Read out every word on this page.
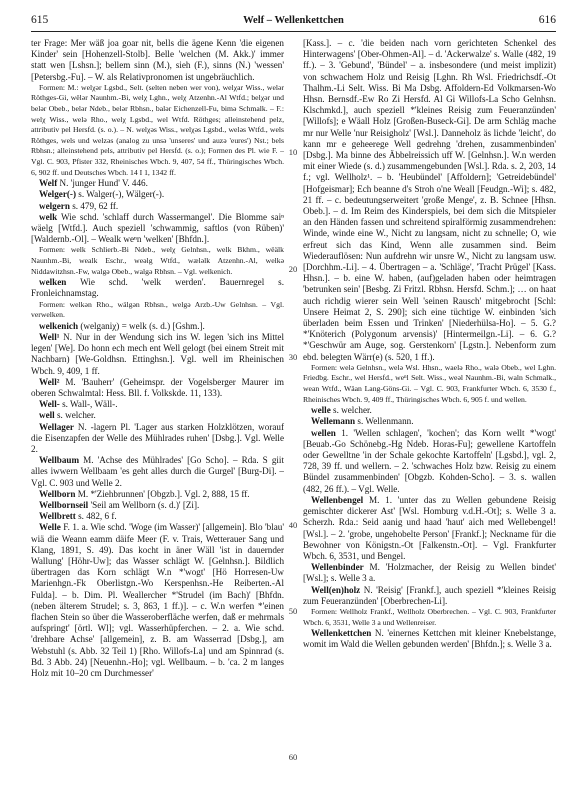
615	Welf – Wellenkettchen	616

ter Frage: Mer wäß joa goar nit, bells die ägene Kenn 'die eigenen Kinder' sein [Hohenzell-Stolb]. Belle 'welchen (M. Akk.)' immer statt wen [Lshsn.]; bellem sinn (M.), sieh (F.), sinns (N.) 'wessen' [Petersbg.-Fu]. – W. als Relativpronomen ist ungebräuchlich.

Formen: M.: welχər Lgsbd., Selt. (selten neben wer von), welχar Wiss., welər Röthges-Gi, wëlər Naunhm.-Bi, welχ Lghn., welχ Atzenhn.-Al Wtfd.; belχər und belər Obeb., belər Ndeb., belər Rbhsn., balər Eichenzell-Fu, bimə Schmalk. – F.: welχ Wiss., welə Rho., welχ Lgsbd., wel Wtfd. Röthges; alleinstehend pelz, attributiv pel Hersfd. (s. o.). – N. welχəs Wiss., welχəs Lgsbd., weləs Wtfd., wels Röthges, wels und welzəs (analog zu unsə 'unseres' und auzə 'eures') Nst.; bels Rbhsn.; alleinstehend pels, attributiv pel Hersfd. (s. o.); Formen des Pl. wie F. – Vgl. C. 903, Pfister 332, Rheinisches Wbch. 9, 407, 54 ff., Thüringisches Wbch. 6, 902 ff. und Deutsches Wbch. 14 I 1, 1342 ff.

Welf N. 'junger Hund' V. 446.

Welger(-) s. Walger(-), Wälger(-).

welgern s. 479, 62 ff.

welk Wie schd. 'schlaff durch Wassermangel'. Die Blomme saiⁿ wäelg [Wtfd.]. Auch speziell 'schwammig, saftlos (von Rüben)' [Waldernb.-Ol]. – Wealk weⁿn 'welken' [Bhfdn.].

Formen: welk Schlierb.-Bi Ndeb., welχ Gelnhsn., welk Bkhm., wëälk Naunhm.-Bi, wealk Eschr., weəlg Wtfd., wæləlk Atzenhn.-Al, welkə Niddawitzhsn.-Fw, walgə Obeb., walgə Rbhsn. – Vgl. welkenich.

welken Wie schd. 'welk werden'. Bauernregel s. Fronleichnamstag.

Formen: welkən Rho., wälgən Rbhsn., welgə Arzb.-Uw Gelnhsn. – Vgl. verwelken.

welkenich (welganiχ) = welk (s. d.) [Gshm.].

Well¹ N. Nur in der Wendung sich ins W. legen 'sich ins Mittel legen' [We]. Do honn ech mech ent Well gelogt (bei einem Streit mit Nachbarn) [We-Goldhsn. Ettinghsn.]. Vgl. well im Rheinischen Wbch. 9, 409, 1 ff.

Well² M. 'Bauherr' (Geheimspr. der Vogelsberger Maurer im oberen Schwalmtal: Hess. Bll. f. Volkskde. 11, 133).

Well- s. Wall-, Wäll-.

well s. welcher.

Wellager N. -lagern Pl. 'Lager aus starken Holzklötzen, worauf die Eisenzapfen der Welle des Mühlrades ruhen' [Dsbg.]. Vgl. Welle 2.

Wellbaum M. 'Achse des Mühlrades' [Go Scho]. – Rda. S giit alles iwwern Wellbaam 'es geht alles durch die Gurgel' [Burg-Di]. – Vgl. C. 903 und Welle 2.

Wellborn M. *'Ziehbrunnen' [Obgzb.]. Vgl. 2, 888, 15 ff.

Wellbornseil 'Seil am Wellborn (s. d.)' [Zi].

Wellbrett s. 482, 6 f.

Welle F. 1. a. Wie schd. 'Woge (im Wasser)' [allgemein]. Blo 'blau' wiä die Weann eamm däife Meer (F. v. Trais, Wetterauer Sang und Klang, 1891, S. 49). Das kocht in äner Wäll 'ist in dauernder Wallung' [Höhr-Uw]; das Wasser schlägt W. [Gelnhsn.]. Bildlich übertragen das Korn schlägt W.n *'wogt' [Hö Horresen-Uw Marienhgn.-Fk Oberlistgn.-Wo Kerspenhsn.-He Reiberten.-Al Fulda]. – b. Dim. Pl. Weallercher *'Strudel (im Bach)' [Bhfdn. (neben älterem Strudel; s. 3, 863, 1 ff.)]. – c. W.n werfen *'einen flachen Stein so über die Wasseroberfläche werfen, daß er mehrmals aufspringt' [örtl. Wl]; vgl. Wasserhüpferchen. – 2. a. Wie schd. 'drehbare Achse' [allgemein], z. B. am Wasserrad [Dsbg.], am Webstuhl (s. Abb. 32 Teil 1) [Rho. Willofs-La] und am Spinnrad (s. Bd. 3 Abb. 24) [Neuenhn.-Ho]; vgl. Wellbaum. – b. 'ca. 2 m langes Holz mit 10–20 cm Durchmesser'

[Kass.]. – c. 'die beiden nach vorn gerichteten Schenkel des Hinterwagens' [Ober-Ohmen-Al]. – d. 'Ackerwalze' s. Walle (482, 19 ff.). – 3. 'Gebund', 'Bündel' – a. insbesondere (und meist implizit) von schwachem Holz und Reisig [Lghn. Rh Wsl. Friedrichsdf.-Ot Thalhm.-Li Selt. Wiss. Bi Ma Dsbg. Affoldern-Ed Volkmarsen-Wo Hhsn. Bernsdf.-Ew Ro Zi Hersfd. Al Gi Willofs-La Scho Gelnhsn. Klschmkd.], auch speziell *'kleines Reisig zum Feueranzünden' [Willofs]; e Wäall Holz [Großen-Buseck-Gi]. De arm Schläg mache mr nur Welle 'nur Reisigholz' [Wsl.]. Danneholz äs lichde 'leicht', do kann mr e geheerege Well gedrehng 'drehen, zusammenbinden' [Dsbg.]. Ma binne des Äbbelreissich uff W. [Gelnhsn.]. W.n werden mit einer Wiede (s. d.) zusammengebunden [Wsl.]. Rda. s. 2, 203, 14 f.; vgl. Wellholz¹. – b. 'Heubündel' [Affoldern]; 'Getreidebündel' [Hofgeismar]; Ech beanne d's Stroh o'ne Weall [Feudgn.-Wi]; s. 482, 21 ff. – c. bedeutungserweitert 'große Menge', z. B. Schnee [Hhsn. Obeb.]. – d. Im Reim des Kinderspiels, bei dem sich die Mitspieler an den Händen fassen und schreitend spiralförmig zusammendrehen: Winde, winde eine W., Nicht zu langsam, nicht zu schnelle; O, wie erfreut sich das Kind, Wenn alle zusammen sind. Beim Wiederauflösen: Nun aufdrehn wir unsre W., Nicht zu langsam usw. [Dorchhm.-Li]. – 4. Übertragen – a. 'Schläge', 'Tracht Prügel' [Kass. Hhsn.]. – b. eine W. haben, (auf)geladen haben oder heimtragen 'betrunken sein' [Besbg. Zi Fritzl. Rbhsn. Hersfd. Schm.]; … on haat auch richdig wierer sein Well 'seinen Rausch' mitgebrocht [Schl: Unsere Heimat 2, S. 290]; sich eine tüchtige W. einbinden 'sich überladen beim Essen und Trinken' [Niederhülsa-Ho]. – 5. G.? *'Knöterich (Polygonum arvensis)' [Hintermeilgn.-Li]. – 6. G.? *'Geschwür am Auge, sog. Gerstenkorn' [Lgstn.]. Nebenform zum ebd. belegten Wärr(e) (s. 520, 1 ff.).

Formen: welə Gelnhsn., welə Wsl. Hhsn., waelə Rho., walə Obeb., wel Lghn. Friedbg. Eschr., wel Hersfd., weⁿl Selt. Wiss., weəl Naunhm.-Bi, waln Schmalk., wean Wtfd., Wäan Lang-Göns-Gi. – Vgl. C. 903, Frankfurter Wbch. 6, 3530 f., Rheinisches Wbch. 9, 409 ff., Thüringisches Wbch. 6, 905 f. und wellen.

welle s. welcher.

Wellemann s. Wellenmann.

wellen 1. 'Wellen schlagen', 'kochen'; das Korn wellt *'wogt' [Beuab.-Go Schönebg.-Hg Ndeb. Horas-Fu]; gewellene Kartoffeln oder Gewelltne 'in der Schale gekochte Kartoffeln' [Lgsbd.], vgl. 2, 728, 39 ff. und wellern. – 2. 'schwaches Holz bzw. Reisig zu einem Bündel zusammenbinden' [Obgzb. Kohden-Scho]. – 3. s. wallen (482, 26 ff.). – Vgl. Welle.

Wellenbengel M. 1. 'unter das zu Wellen gebundene Reisig gemischter dickerer Ast' [Wsl. Homburg v.d.H.-Ot]; s. Welle 3 a. Scherzh. Rda.: Seid aanig und haad 'haut' aich med Wellebengel! [Wsl.]. – 2. 'grobe, ungehobelte Person' [Frankf.]; Neckname für die Bewohner von Königstn.-Ot [Falkenstn.-Ot]. – Vgl. Frankfurter Wbch. 6, 3531, und Bengel.

Wellenbinder M. 'Holzmacher, der Reisig zu Wellen bindet' [Wsl.]; s. Welle 3 a.

Well(en)holz N. 'Reisig' [Frankf.], auch speziell *'kleines Reisig zum Feueranzünden' [Oberbrechen-Li].

Formen: Wellholz Frankf., Wellholz Oberbrechen. – Vgl. C. 903, Frankfurter Wbch. 6, 3531, Welle 3 a und Wellenreiser.

Wellenkettchen N. 'einernes Kettchen mit kleiner Knebelstange, womit im Wald die Wellen gebunden werden' [Bhfdn.]; s. Welle 3 a.

10
20
30
40
50
60
